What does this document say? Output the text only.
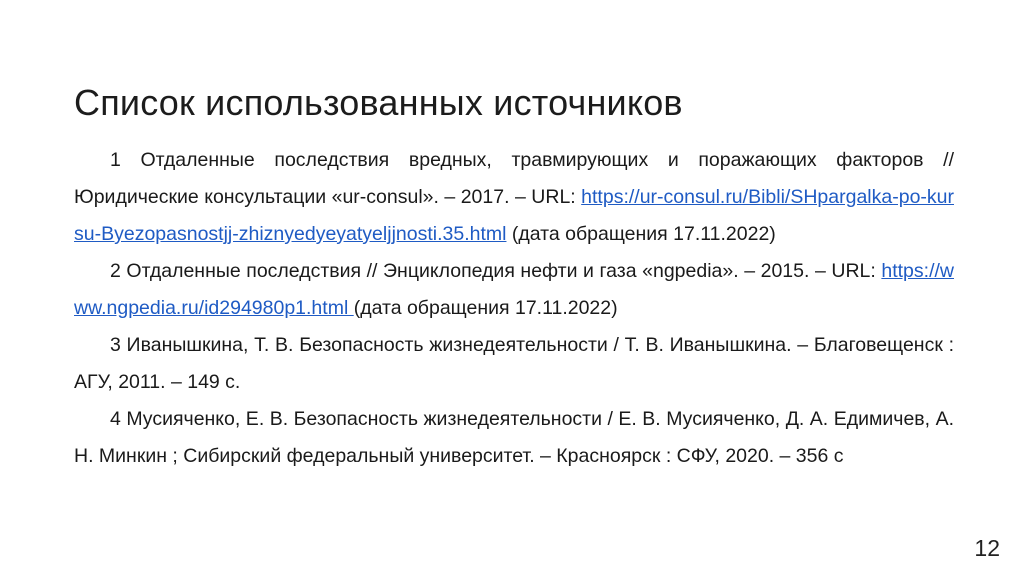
Список использованных источников

1 Отдаленные последствия вредных, травмирующих и поражающих факторов // Юридические консультации «ur-consul». – 2017. – URL: https://ur-consul.ru/Bibli/SHpargalka-po-kursu-Byezopasnostjj-zhiznyedyeyatyeljjnosti.35.html (дата обращения 17.11.2022)

2 Отдаленные последствия // Энциклопедия нефти и газа «ngpedia». – 2015. – URL: https://www.ngpedia.ru/id294980p1.html (дата обращения 17.11.2022)

3 Иванышкина, Т. В. Безопасность жизнедеятельности / Т. В. Иванышкина. – Благовещенск : АГУ, 2011. – 149 с.

4 Мусияченко, Е. В. Безопасность жизнедеятельности / Е. В. Мусияченко, Д. А. Едимичев, А. Н. Минкин ; Сибирский федеральный университет. – Красноярск : СФУ, 2020. – 356 с

12
